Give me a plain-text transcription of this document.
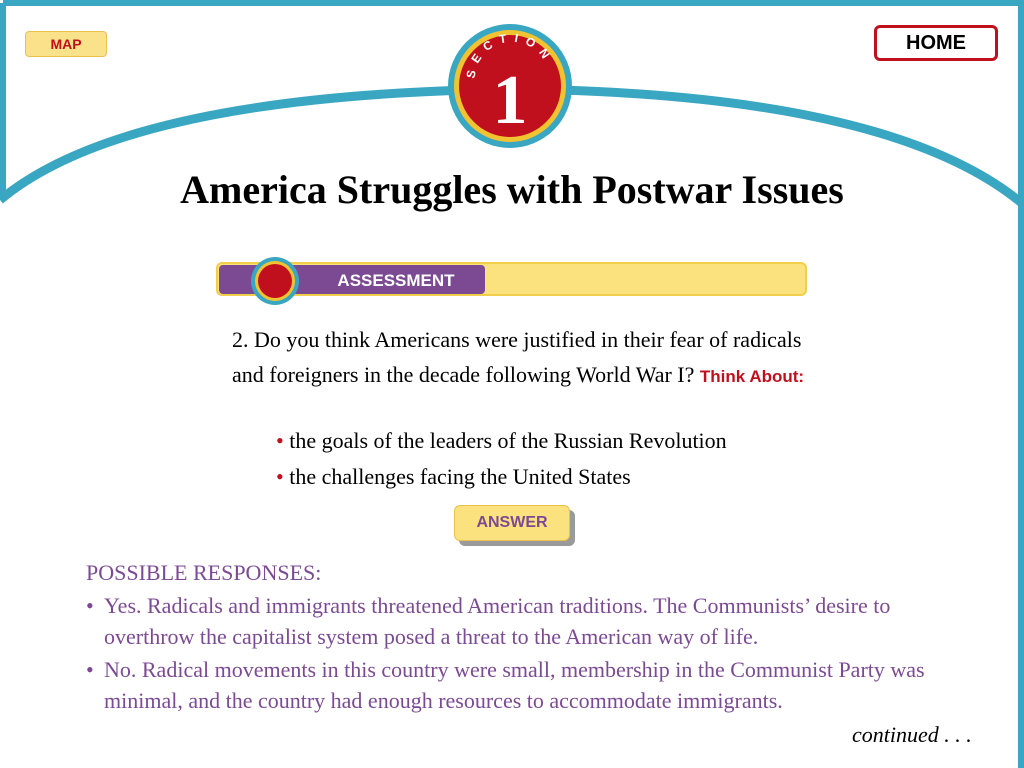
MAP	HOME
SECTION
1
America Struggles with Postwar Issues
ASSESSMENT
2. Do you think Americans were justified in their fear of radicals and foreigners in the decade following World War I? Think About:
• the goals of the leaders of the Russian Revolution
• the challenges facing the United States
ANSWER

POSSIBLE RESPONSES:

• Yes. Radicals and immigrants threatened American traditions. The Communists’ desire to overthrow the capitalist system posed a threat to the American way of life.

• No. Radical movements in this country were small, membership in the Communist Party was minimal, and the country had enough resources to accommodate immigrants.

continued . . .
